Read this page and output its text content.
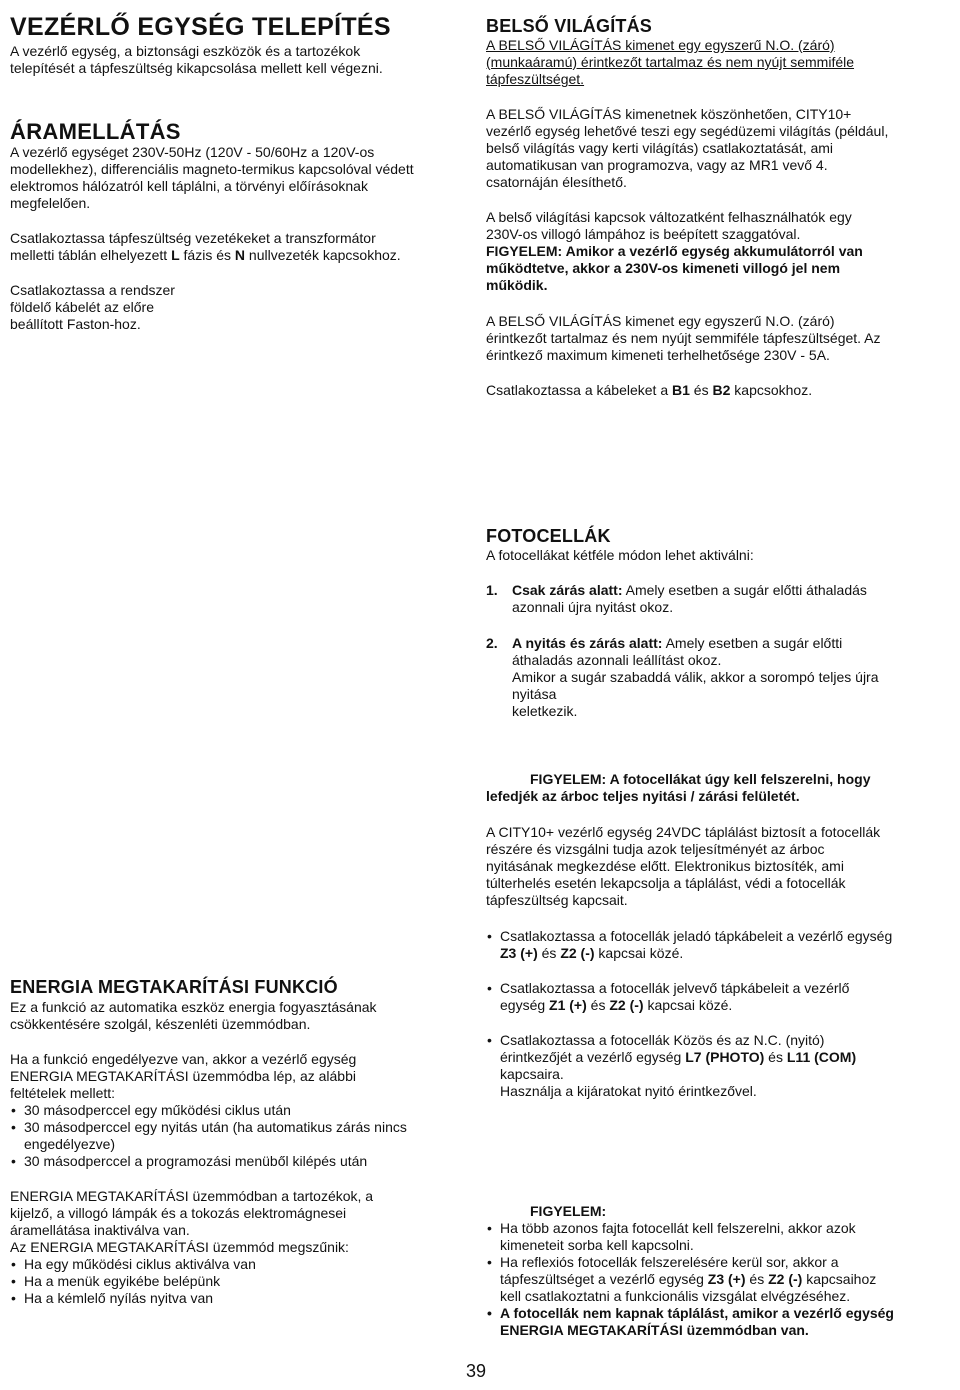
VEZÉRLŐ EGYSÉG TELEPÍTÉS

A vezérlő egység, a biztonsági eszközök és a tartozékok

telepítését a tápfeszültség kikapcsolása mellett kell végezni.

ÁRAMELLÁTÁS

A vezérlő egységet 230V-50Hz (120V - 50/60Hz a 120V-os

modellekhez), differenciális magneto-termikus kapcsolóval védett

elektromos hálózatról kell táplálni, a törvényi előírásoknak

megfelelően.

Csatlakoztassa tápfeszültség vezetékeket a transzformátor

melletti táblán elhelyezett L fázis és N nullvezeték kapcsokhoz.

Csatlakoztassa a rendszer

földelő kábelét az előre

beállított Faston-hoz.

ENERGIA MEGTAKARÍTÁSI FUNKCIÓ

Ez a funkció az automatika eszköz energia fogyasztásának

csökkentésére szolgál, készenléti üzemmódban.

Ha a funkció engedélyezve van, akkor a vezérlő egység

ENERGIA MEGTAKARÍTÁSI üzemmódba lép, az alábbi

feltételek mellett:

• 30 másodperccel egy működési ciklus után
• 30 másodperccel egy nyitás után (ha automatikus zárás nincs engedélyezve)
• 30 másodperccel a programozási menüből kilépés után

ENERGIA MEGTAKARÍTÁSI üzemmódban a tartozékok, a

kijelző, a villogó lámpák és a tokozás elektromágnesei

áramellátása inaktiválva van.

Az ENERGIA MEGTAKARÍTÁSI üzemmód megszűnik:

• Ha egy működési ciklus aktiválva van
• Ha a menük egyikébe belépünk
• Ha a kémlelő nyílás nyitva van

BELSŐ VILÁGÍTÁS

A BELSŐ VILÁGÍTÁS kimenet egy egyszerű N.O. (záró)

(munkaáramú) érintkezőt tartalmaz és nem nyújt semmiféle

tápfeszültséget.

A BELSŐ VILÁGÍTÁS kimenetnek köszönhetően, CITY10+

vezérlő egység lehetővé teszi egy segédüzemi világítás (például,

belső világítás vagy kerti világítás) csatlakoztatását, ami

automatikusan van programozva, vagy az MR1 vevő 4.

csatornáján élesíthető.

A belső világítási kapcsok változatként felhasználhatók egy

230V-os villogó lámpához is beépített szaggatóval.

FIGYELEM: Amikor a vezérlő egység akkumulátorról van

működtetve, akkor a 230V-os kimeneti villogó jel nem

működik.

A BELSŐ VILÁGÍTÁS kimenet egy egyszerű N.O. (záró)

érintkezőt tartalmaz és nem nyújt semmiféle tápfeszültséget. Az

érintkező maximum kimeneti terhelhetősége 230V - 5A.

Csatlakoztassa a kábeleket a B1 és B2 kapcsokhoz.

FOTOCELLÁK

A fotocellákat kétféle módon lehet aktiválni:

1. Csak zárás alatt: Amely esetben a sugár előtti áthaladás

azonnali újra nyitást okoz.

2. A nyitás és zárás alatt: Amely esetben a sugár előtti

áthaladás azonnali leállítást okoz.

Amikor a sugár szabaddá válik, akkor a sorompó teljes újra

nyitása

keletkezik.

FIGYELEM: A fotocellákat úgy kell felszerelni, hogy

lefedjék az árboc teljes nyitási / zárási felületét.

A CITY10+ vezérlő egység 24VDC táplálást biztosít a fotocellák

részére és vizsgálni tudja azok teljesítményét az árboc

nyitásának megkezdése előtt. Elektronikus biztosíték, ami

túlterhelés esetén lekapcsolja a táplálást, védi a fotocellák

tápfeszültség kapcsait.

• Csatlakoztassa a fotocellák jeladó tápkábeleit a vezérlő egység

Z3 (+) és Z2 (-) kapcsai közé.

• Csatlakoztassa a fotocellák jelvevő tápkábeleit a vezérlő

egység Z1 (+) és Z2 (-) kapcsai közé.

• Csatlakoztassa a fotocellák Közös és az N.C. (nyitó)

érintkezőjét a vezérlő egység L7 (PHOTO) és L11 (COM)

kapcsaira.

Használja a kijáratokat nyitó érintkezővel.

FIGYELEM:

• Ha több azonos fajta fotocellát kell felszerelni, akkor azok

kimeneteit sorba kell kapcsolni.

• Ha reflexiós fotocellák felszerelésére kerül sor, akkor a

tápfeszültséget a vezérlő egység Z3 (+) és Z2 (-) kapcsaihoz

kell csatlakoztatni a funkcionális vizsgálat elvégzéséhez.

• A fotocellák nem kapnak táplálást, amikor a vezérlő egység

ENERGIA MEGTAKARÍTÁSI üzemmódban van.

39
